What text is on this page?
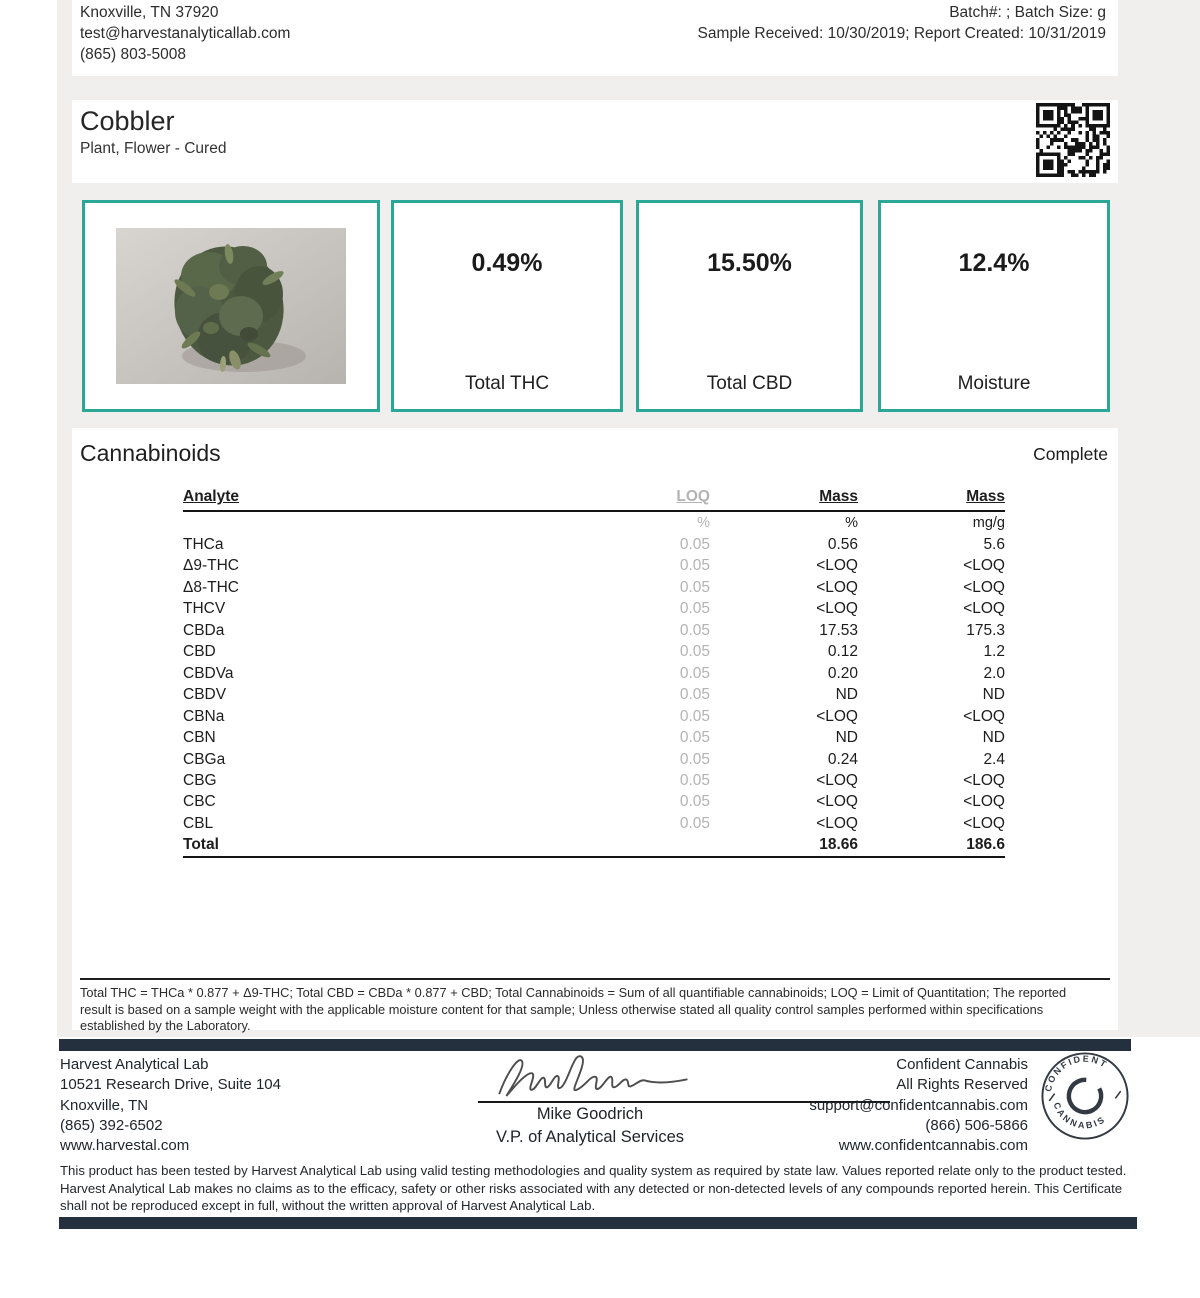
Knoxville, TN 37920
test@harvestanalyticallab.com
(865) 803-5008
Batch#: ; Batch Size: g
Sample Received: 10/30/2019; Report Created: 10/31/2019
Cobbler
Plant, Flower - Cured
0.49%
Total THC
15.50%
Total CBD
12.4%
Moisture
Cannabinoids	Complete
Analyte	LOQ	Mass	Mass
	%	%	mg/g
THCa	0.05	0.56	5.6
Δ9-THC	0.05	<LOQ	<LOQ
Δ8-THC	0.05	<LOQ	<LOQ
THCV	0.05	<LOQ	<LOQ
CBDa	0.05	17.53	175.3
CBD	0.05	0.12	1.2
CBDVa	0.05	0.20	2.0
CBDV	0.05	ND	ND
CBNa	0.05	<LOQ	<LOQ
CBN	0.05	ND	ND
CBGa	0.05	0.24	2.4
CBG	0.05	<LOQ	<LOQ
CBC	0.05	<LOQ	<LOQ
CBL	0.05	<LOQ	<LOQ
Total		18.66	186.6
Total THC = THCa * 0.877 + Δ9-THC; Total CBD = CBDa * 0.877 + CBD; Total Cannabinoids = Sum of all quantifiable cannabinoids; LOQ = Limit of Quantitation; The reported result is based on a sample weight with the applicable moisture content for that sample; Unless otherwise stated all quality control samples performed within specifications established by the Laboratory.
Harvest Analytical Lab
10521 Research Drive, Suite 104
Knoxville, TN
(865) 392-6502
www.harvestal.com
Mike Goodrich
V.P. of Analytical Services
Confident Cannabis
All Rights Reserved
support@confidentcannabis.com
(866) 506-5866
www.confidentcannabis.com
CONFIDENT
CANNABIS
This product has been tested by Harvest Analytical Lab using valid testing methodologies and quality system as required by state law. Values reported relate only to the product tested. Harvest Analytical Lab makes no claims as to the efficacy, safety or other risks associated with any detected or non-detected levels of any compounds reported herein. This Certificate shall not be reproduced except in full, without the written approval of Harvest Analytical Lab.
